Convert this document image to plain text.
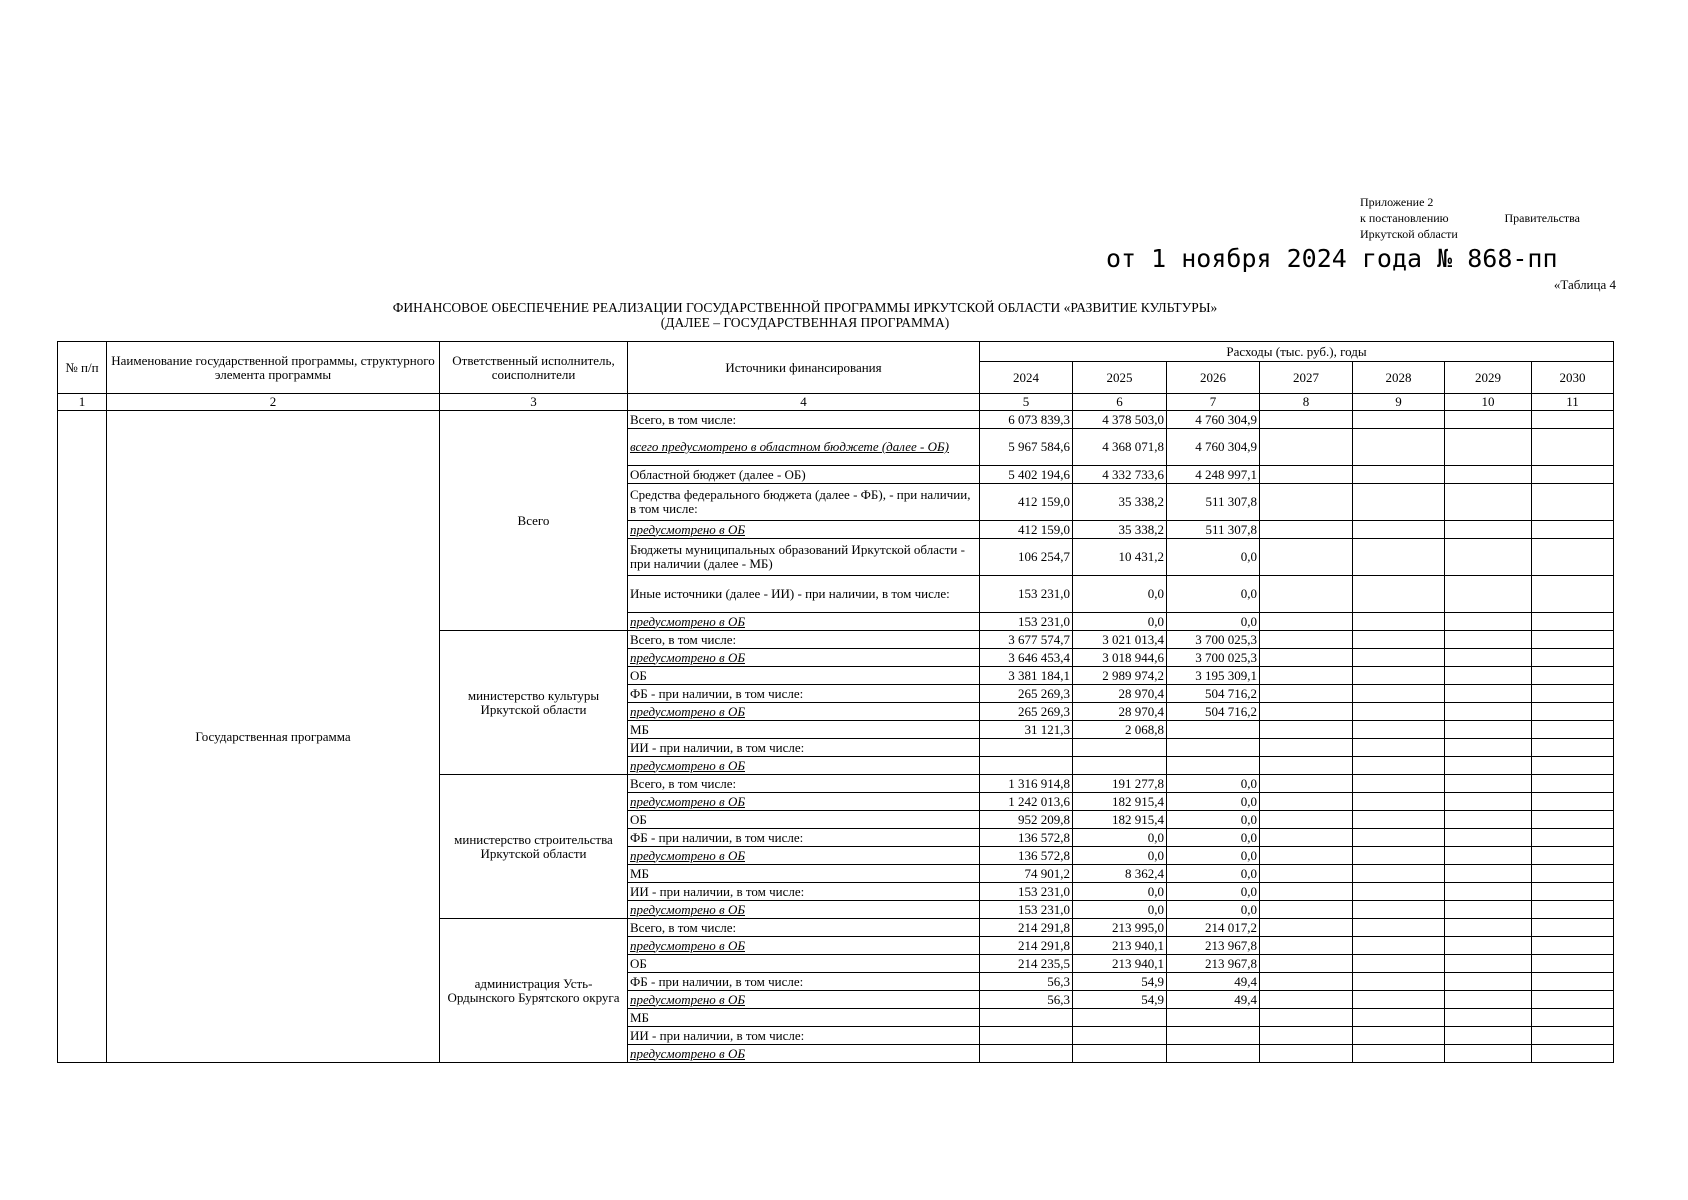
Приложение 2
к постановлению	Правительства
Иркутской области
от 1 ноября 2024 года № 868-пп
«Таблица 4
ФИНАНСОВОЕ ОБЕСПЕЧЕНИЕ РЕАЛИЗАЦИИ ГОСУДАРСТВЕННОЙ ПРОГРАММЫ ИРКУТСКОЙ ОБЛАСТИ «РАЗВИТИЕ КУЛЬТУРЫ»
(ДАЛЕЕ – ГОСУДАРСТВЕННАЯ ПРОГРАММА)
№ п/п	Наименование государственной программы, структурного элемента программы	Ответственный исполнитель, соисполнители	Источники финансирования	Расходы (тыс. руб.), годы						
				2024	2025	2026	2027	2028	2029	2030
1	2	3	4	5	6	7	8	9	10	11
	Государственная программа	Всего	Всего, в том числе:	6 073 839,3	4 378 503,0	4 760 304,9				
			всего предусмотрено в областном бюджете (далее - ОБ)	5 967 584,6	4 368 071,8	4 760 304,9				
			Областной бюджет (далее - ОБ)	5 402 194,6	4 332 733,6	4 248 997,1				
			Средства федерального бюджета (далее - ФБ), - при наличии, в том числе:	412 159,0	35 338,2	511 307,8				
			предусмотрено в ОБ	412 159,0	35 338,2	511 307,8				
			Бюджеты муниципальных образований Иркутской области - при наличии (далее - МБ)	106 254,7	10 431,2	0,0				
			Иные источники (далее - ИИ) - при наличии, в том числе:	153 231,0	0,0	0,0				
			предусмотрено в ОБ	153 231,0	0,0	0,0				
		министерство культуры Иркутской области	Всего, в том числе:	3 677 574,7	3 021 013,4	3 700 025,3				
			предусмотрено в ОБ	3 646 453,4	3 018 944,6	3 700 025,3				
			ОБ	3 381 184,1	2 989 974,2	3 195 309,1				
			ФБ - при наличии, в том числе:	265 269,3	28 970,4	504 716,2				
			предусмотрено в ОБ	265 269,3	28 970,4	504 716,2				
			МБ	31 121,3	2 068,8					
			ИИ - при наличии, в том числе:							
			предусмотрено в ОБ							
		министерство строительства Иркутской области	Всего, в том числе:	1 316 914,8	191 277,8	0,0				
			предусмотрено в ОБ	1 242 013,6	182 915,4	0,0				
			ОБ	952 209,8	182 915,4	0,0				
			ФБ - при наличии, в том числе:	136 572,8	0,0	0,0				
			предусмотрено в ОБ	136 572,8	0,0	0,0				
			МБ	74 901,2	8 362,4	0,0				
			ИИ - при наличии, в том числе:	153 231,0	0,0	0,0				
			предусмотрено в ОБ	153 231,0	0,0	0,0				
		администрация Усть-Ордынского Бурятского округа	Всего, в том числе:	214 291,8	213 995,0	214 017,2				
			предусмотрено в ОБ	214 291,8	213 940,1	213 967,8				
			ОБ	214 235,5	213 940,1	213 967,8				
			ФБ - при наличии, в том числе:	56,3	54,9	49,4				
			предусмотрено в ОБ	56,3	54,9	49,4				
			МБ							
			ИИ - при наличии, в том числе:							
			предусмотрено в ОБ							
